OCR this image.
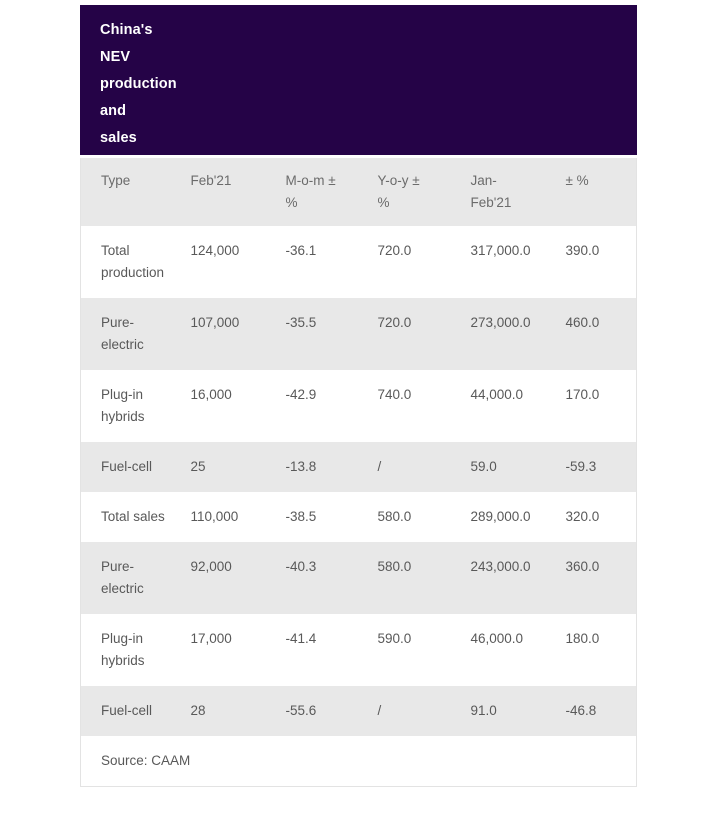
China's
NEV
production
and
sales
Type	Feb'21	M-o-m ± %	Y-o-y ± %	Jan-Feb'21	± %

Total production	124,000	-36.1	720.0	317,000.0	390.0

Pure-electric	107,000	-35.5	720.0	273,000.0	460.0

Plug-in hybrids	16,000	-42.9	740.0	44,000.0	170.0

Fuel-cell	25	-13.8	/	59.0	-59.3

Total sales	110,000	-38.5	580.0	289,000.0	320.0

Pure-electric	92,000	-40.3	580.0	243,000.0	360.0

Plug-in hybrids	17,000	-41.4	590.0	46,000.0	180.0

Fuel-cell	28	-55.6	/	91.0	-46.8
Source: CAAM					
